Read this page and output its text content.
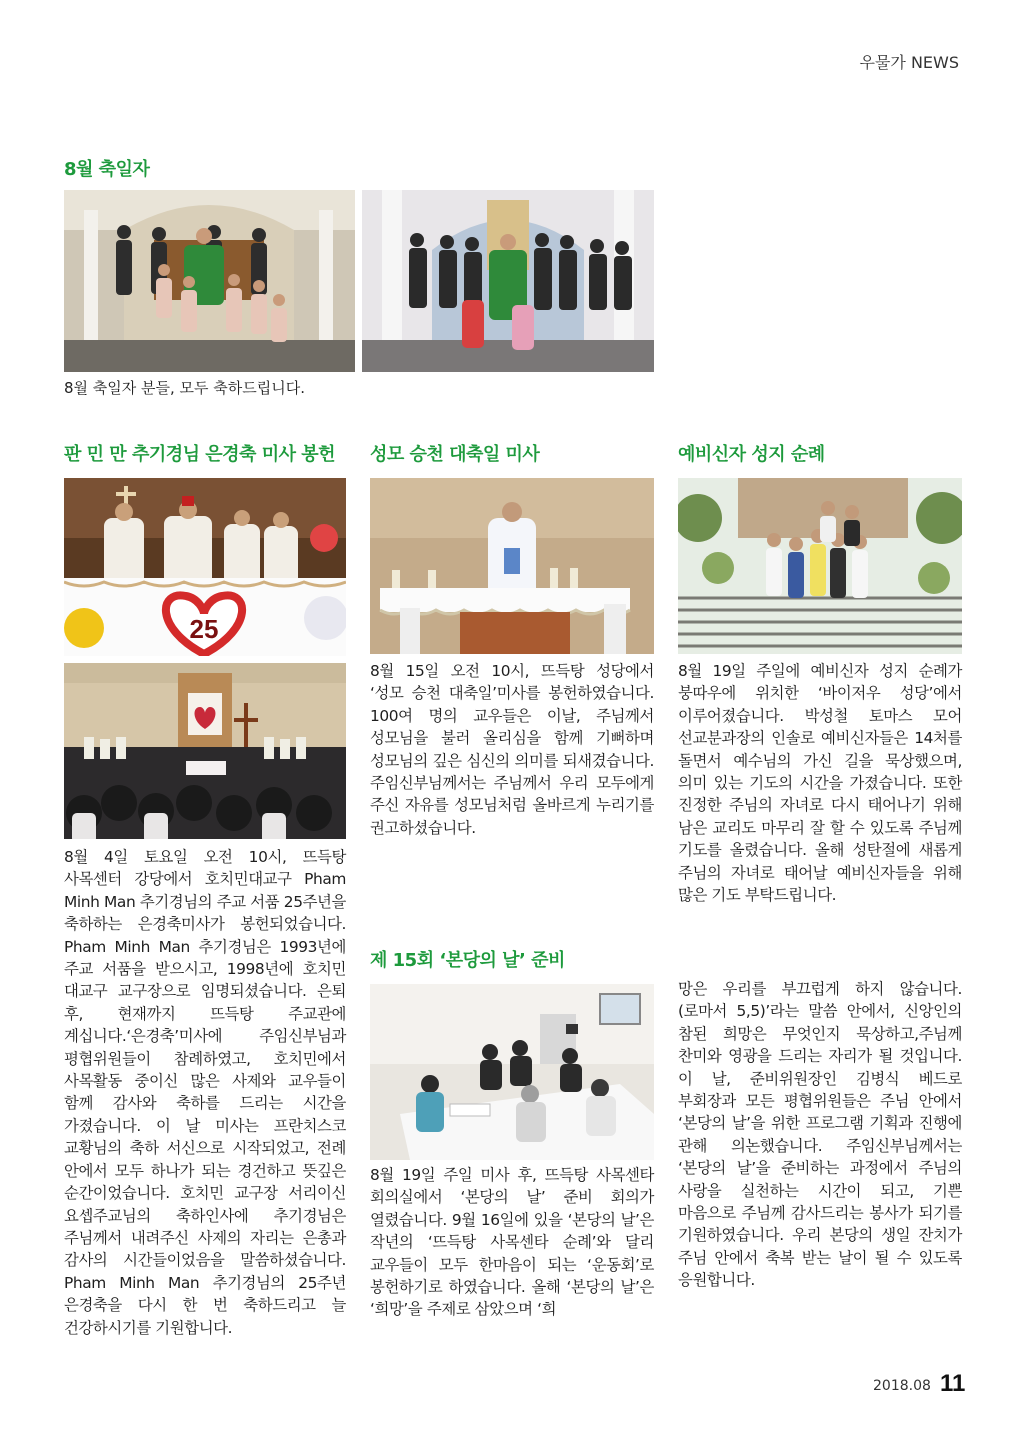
우물가 NEWS
8월 축일자
8월 축일자 분들, 모두 축하드립니다.
판 민 만 추기경님 은경축 미사 봉헌
25
8월 4일 토요일 오전 10시, 뜨득탕 사목센터 강당에서 호치민대교구 Pham Minh Man 추기경님의 주교 서품 25주년을 축하하는 은경축미사가 봉헌되었습니다. Pham Minh Man 추기경님은 1993년에 주교 서품을 받으시고, 1998년에 호치민 대교구 교구장으로 임명되셨습니다. 은퇴 후, 현재까지 뜨득탕 주교관에 계십니다.‘은경축’미사에 주임신부님과 평협위원들이 참례하였고, 호치민에서 사목활동 중이신 많은 사제와 교우들이 함께 감사와 축하를 드리는 시간을 가졌습니다. 이 날 미사는 프란치스코 교황님의 축하 서신으로 시작되었고, 전례 안에서 모두 하나가 되는 경건하고 뜻깊은 순간이었습니다. 호치민 교구장 서리이신 요셉주교님의 축하인사에 추기경님은 주님께서 내려주신 사제의 자리는 은총과 감사의 시간들이었음을 말씀하셨습니다. Pham Minh Man 추기경님의 25주년 은경축을 다시 한 번 축하드리고 늘 건강하시기를 기원합니다.
성모 승천 대축일 미사
8월 15일 오전 10시, 뜨득탕 성당에서 ‘성모 승천 대축일’미사를 봉헌하였습니다. 100여 명의 교우들은 이날, 주님께서 성모님을 불러 올리심을 함께 기뻐하며 성모님의 깊은 심신의 의미를 되새겼습니다. 주임신부님께서는 주님께서 우리 모두에게 주신 자유를 성모님처럼 올바르게 누리기를 권고하셨습니다.
예비신자 성지 순례
8월 19일 주일에 예비신자 성지 순례가 붕따우에 위치한 ‘바이저우 성당’에서 이루어졌습니다. 박성철 토마스 모어 선교분과장의 인솔로 예비신자들은 14처를 돌면서 예수님의 가신 길을 묵상했으며, 의미 있는 기도의 시간을 가졌습니다. 또한 진정한 주님의 자녀로 다시 태어나기 위해 남은 교리도 마무리 잘 할 수 있도록 주님께 기도를 올렸습니다. 올해 성탄절에 새롭게 주님의 자녀로 태어날 예비신자들을 위해 많은 기도 부탁드립니다.
제 15회 ‘본당의 날’ 준비
8월 19일 주일 미사 후, 뜨득탕 사목센타 회의실에서 ‘본당의 날’ 준비 회의가 열렸습니다. 9월 16일에 있을 ‘본당의 날’은 작년의 ‘뜨득탕 사목센타 순례’와 달리 교우들이 모두 한마음이 되는 ‘운동회’로 봉헌하기로 하였습니다. 올해 ‘본당의 날’은 ‘희망’을 주제로 삼았으며 ‘희
망은 우리를 부끄럽게 하지 않습니다.(로마서 5,5)’라는 말씀 안에서, 신앙인의 참된 희망은 무엇인지 묵상하고,주님께 찬미와 영광을 드리는 자리가 될 것입니다. 이 날, 준비위원장인 김병식 베드로 부회장과 모든 평협위원들은 주님 안에서 ‘본당의 날’을 위한 프로그램 기획과 진행에 관해 의논했습니다. 주임신부님께서는 ‘본당의 날’을 준비하는 과정에서 주님의 사랑을 실천하는 시간이 되고, 기쁜 마음으로 주님께 감사드리는 봉사가 되기를 기원하였습니다. 우리 본당의 생일 잔치가 주님 안에서 축복 받는 날이 될 수 있도록 응원합니다.
2018.08 11
